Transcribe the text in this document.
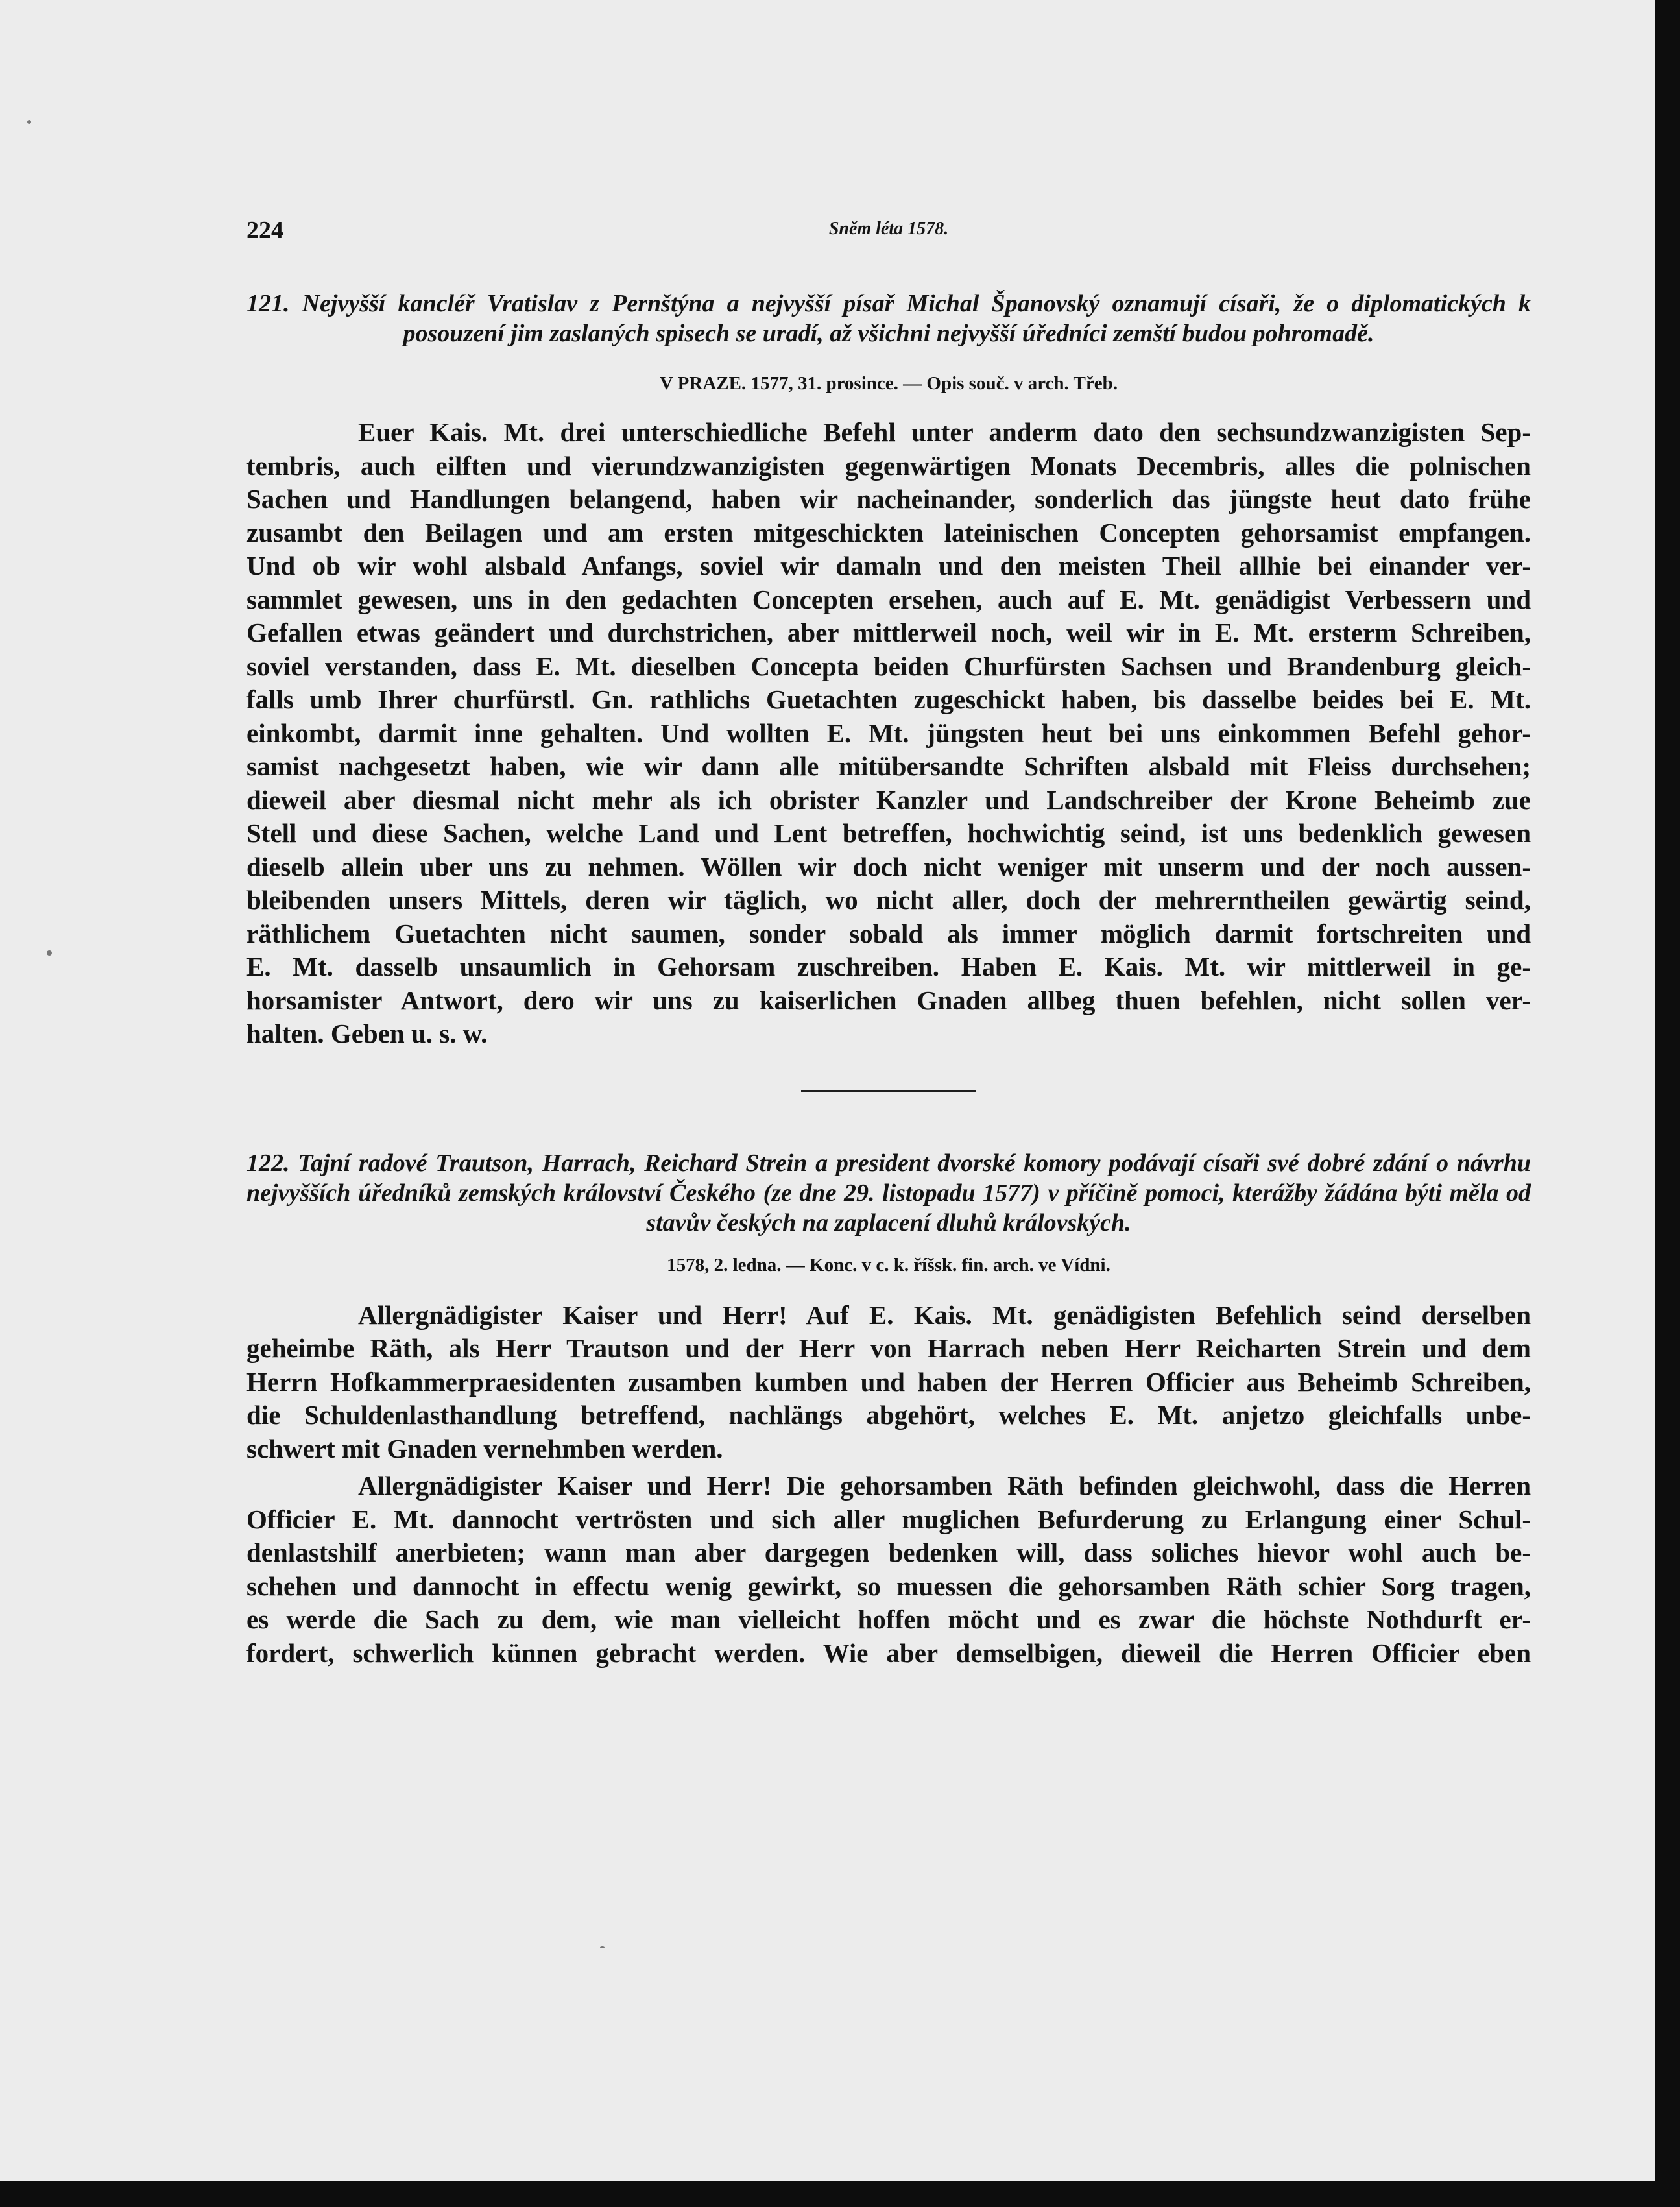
224	Sněm léta 1578.

121. Nejvyšší kancléř Vratislav z Pernštýna a nejvyšší písař Michal Španovský oznamují císaři, že o diplomatických k posouzení jim zaslaných spisech se uradí, až všichni nejvyšší úředníci zemští budou pohromadě.

V PRAZE. 1577, 31. prosince. — Opis souč. v arch. Třeb.

Euer Kais. Mt. drei unterschiedliche Befehl unter anderm dato den sechsundzwanzigisten Sep-
tembris, auch eilften und vierundzwanzigisten gegenwärtigen Monats Decembris, alles die polnischen
Sachen und Handlungen belangend, haben wir nacheinander, sonderlich das jüngste heut dato frühe
zusambt den Beilagen und am ersten mitgeschickten lateinischen Concepten gehorsamist empfangen.
Und ob wir wohl alsbald Anfangs, soviel wir damaln und den meisten Theil allhie bei einander ver-
sammlet gewesen, uns in den gedachten Concepten ersehen, auch auf E. Mt. genädigist Verbessern und
Gefallen etwas geändert und durchstrichen, aber mittlerweil noch, weil wir in E. Mt. ersterm Schreiben,
soviel verstanden, dass E. Mt. dieselben Concepta beiden Churfürsten Sachsen und Brandenburg gleich-
falls umb Ihrer churfürstl. Gn. rathlichs Guetachten zugeschickt haben, bis dasselbe beides bei E. Mt.
einkombt, darmit inne gehalten. Und wollten E. Mt. jüngsten heut bei uns einkommen Befehl gehor-
samist nachgesetzt haben, wie wir dann alle mitübersandte Schriften alsbald mit Fleiss durchsehen;
dieweil aber diesmal nicht mehr als ich obrister Kanzler und Landschreiber der Krone Beheimb zue
Stell und diese Sachen, welche Land und Lent betreffen, hochwichtig seind, ist uns bedenklich gewesen
dieselb allein uber uns zu nehmen. Wöllen wir doch nicht weniger mit unserm und der noch aussen-
bleibenden unsers Mittels, deren wir täglich, wo nicht aller, doch der mehrerntheilen gewärtig seind,
räthlichem Guetachten nicht saumen, sonder sobald als immer möglich darmit fortschreiten und
E. Mt. dasselb unsaumlich in Gehorsam zuschreiben. Haben E. Kais. Mt. wir mittlerweil in ge-
horsamister Antwort, dero wir uns zu kaiserlichen Gnaden allbeg thuen befehlen, nicht sollen ver-
halten. Geben u. s. w.

122. Tajní radové Trautson, Harrach, Reichard Strein a president dvorské komory podávají císaři své dobré zdání o návrhu nejvyšších úředníků zemských království Českého (ze dne 29. listopadu 1577) v příčině pomoci, kterážby žádána býti měla od stavův českých na zaplacení dluhů královských.

1578, 2. ledna. — Konc. v c. k. říšsk. fin. arch. ve Vídni.

Allergnädigister Kaiser und Herr! Auf E. Kais. Mt. genädigisten Befehlich seind derselben
geheimbe Räth, als Herr Trautson und der Herr von Harrach neben Herr Reicharten Strein und dem
Herrn Hofkammerpraesidenten zusamben kumben und haben der Herren Officier aus Beheimb Schreiben,
die Schuldenlasthandlung betreffend, nachlängs abgehört, welches E. Mt. anjetzo gleichfalls unbe-
schwert mit Gnaden vernehmben werden.
Allergnädigister Kaiser und Herr! Die gehorsamben Räth befinden gleichwohl, dass die Herren
Officier E. Mt. dannocht vertrösten und sich aller muglichen Befurderung zu Erlangung einer Schul-
denlastshilf anerbieten; wann man aber dargegen bedenken will, dass soliches hievor wohl auch be-
schehen und dannocht in effectu wenig gewirkt, so muessen die gehorsamben Räth schier Sorg tragen,
es werde die Sach zu dem, wie man vielleicht hoffen möcht und es zwar die höchste Nothdurft er-
fordert, schwerlich künnen gebracht werden. Wie aber demselbigen, dieweil die Herren Officier eben
